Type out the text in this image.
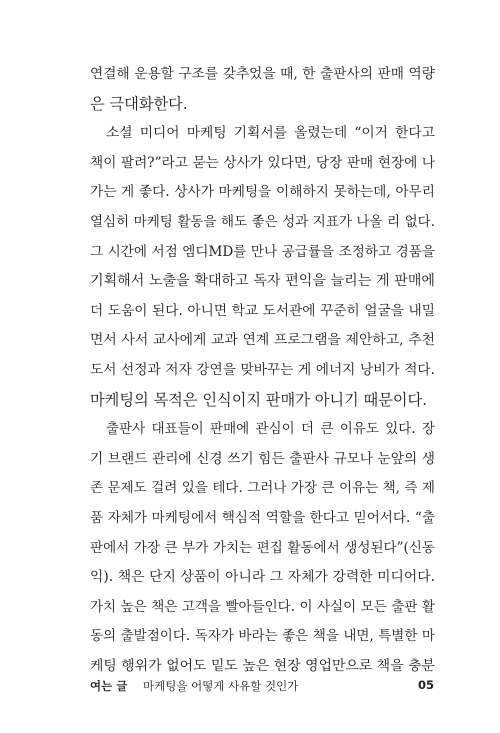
연결해 운용할 구조를 갖추었을 때, 한 출판사의 판매 역량
은 극대화한다.
소셜 미디어 마케팅 기획서를 올렸는데 “이거 한다고
책이 팔려?”라고 묻는 상사가 있다면, 당장 판매 현장에 나
가는 게 좋다. 상사가 마케팅을 이해하지 못하는데, 아무리
열심히 마케팅 활동을 해도 좋은 성과 지표가 나올 리 없다.
그 시간에 서점 엠디MD를 만나 공급률을 조정하고 경품을
기획해서 노출을 확대하고 독자 편익을 늘리는 게 판매에
더 도움이 된다. 아니면 학교 도서관에 꾸준히 얼굴을 내밀
면서 사서 교사에게 교과 연계 프로그램을 제안하고, 추천
도서 선정과 저자 강연을 맞바꾸는 게 에너지 낭비가 적다.
마케팅의 목적은 인식이지 판매가 아니기 때문이다.
출판사 대표들이 판매에 관심이 더 큰 이유도 있다. 장
기 브랜드 관리에 신경 쓰기 힘든 출판사 규모나 눈앞의 생
존 문제도 걸려 있을 테다. 그러나 가장 큰 이유는 책, 즉 제
품 자체가 마케팅에서 핵심적 역할을 한다고 믿어서다. “출
판에서 가장 큰 부가 가치는 편집 활동에서 생성된다”(신동
익). 책은 단지 상품이 아니라 그 자체가 강력한 미디어다.
가치 높은 책은 고객을 빨아들인다. 이 사실이 모든 출판 활
동의 출발점이다. 독자가 바라는 좋은 책을 내면, 특별한 마
케팅 행위가 없어도 밑도 높은 현장 영업만으로 책을 충분
여는 글 마케팅을 어떻게 사유할 것인가	05
